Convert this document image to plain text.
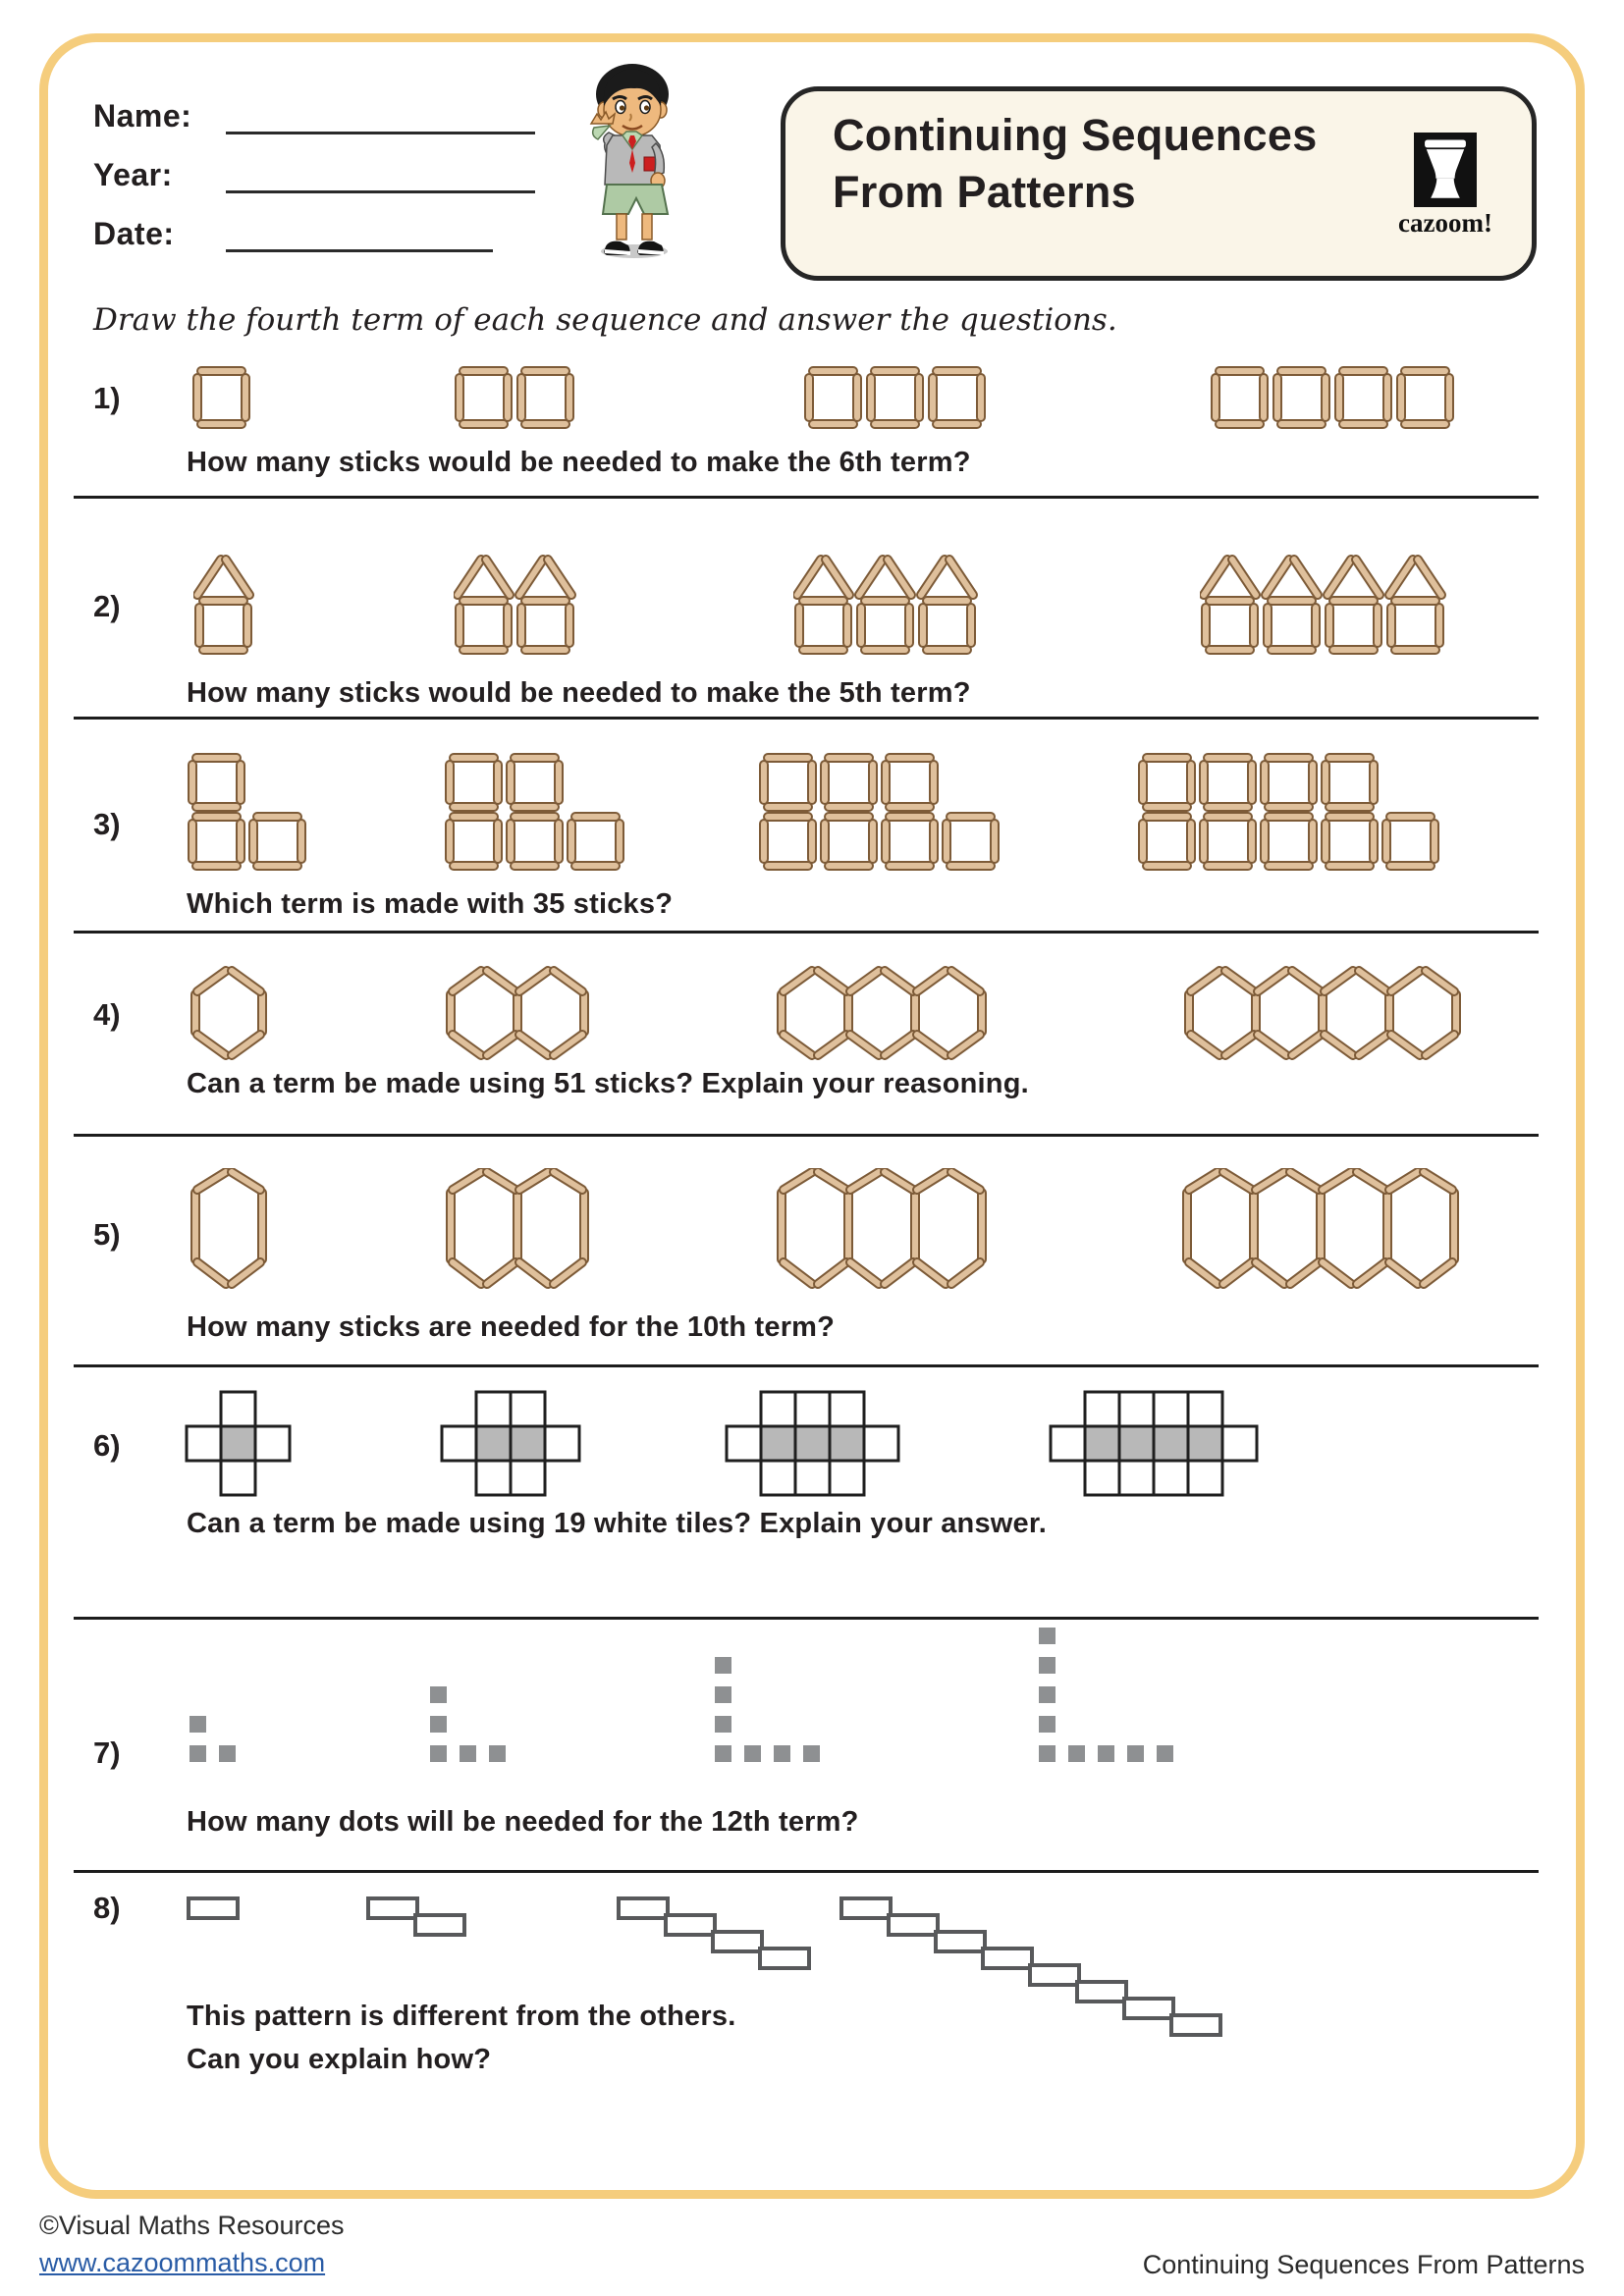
Name:
Year:
Date:
Continuing Sequences
From Patterns
cazoom!
Draw the fourth term of each sequence and answer the questions.
1)

How many sticks would be needed to make the 6th term?

2)

How many sticks would be needed to make the 5th term?

3)

Which term is made with 35 sticks?

4)

Can a term be made using 51 sticks? Explain your reasoning.

5)

How many sticks are needed for the 10th term?

6)

Can a term be made using 19 white tiles? Explain your answer.

7)

How many dots will be needed for the 12th term?

8)

This pattern is different from the others.

Can you explain how?

©Visual Maths Resources
www.cazoommaths.com	Continuing Sequences From Patterns
